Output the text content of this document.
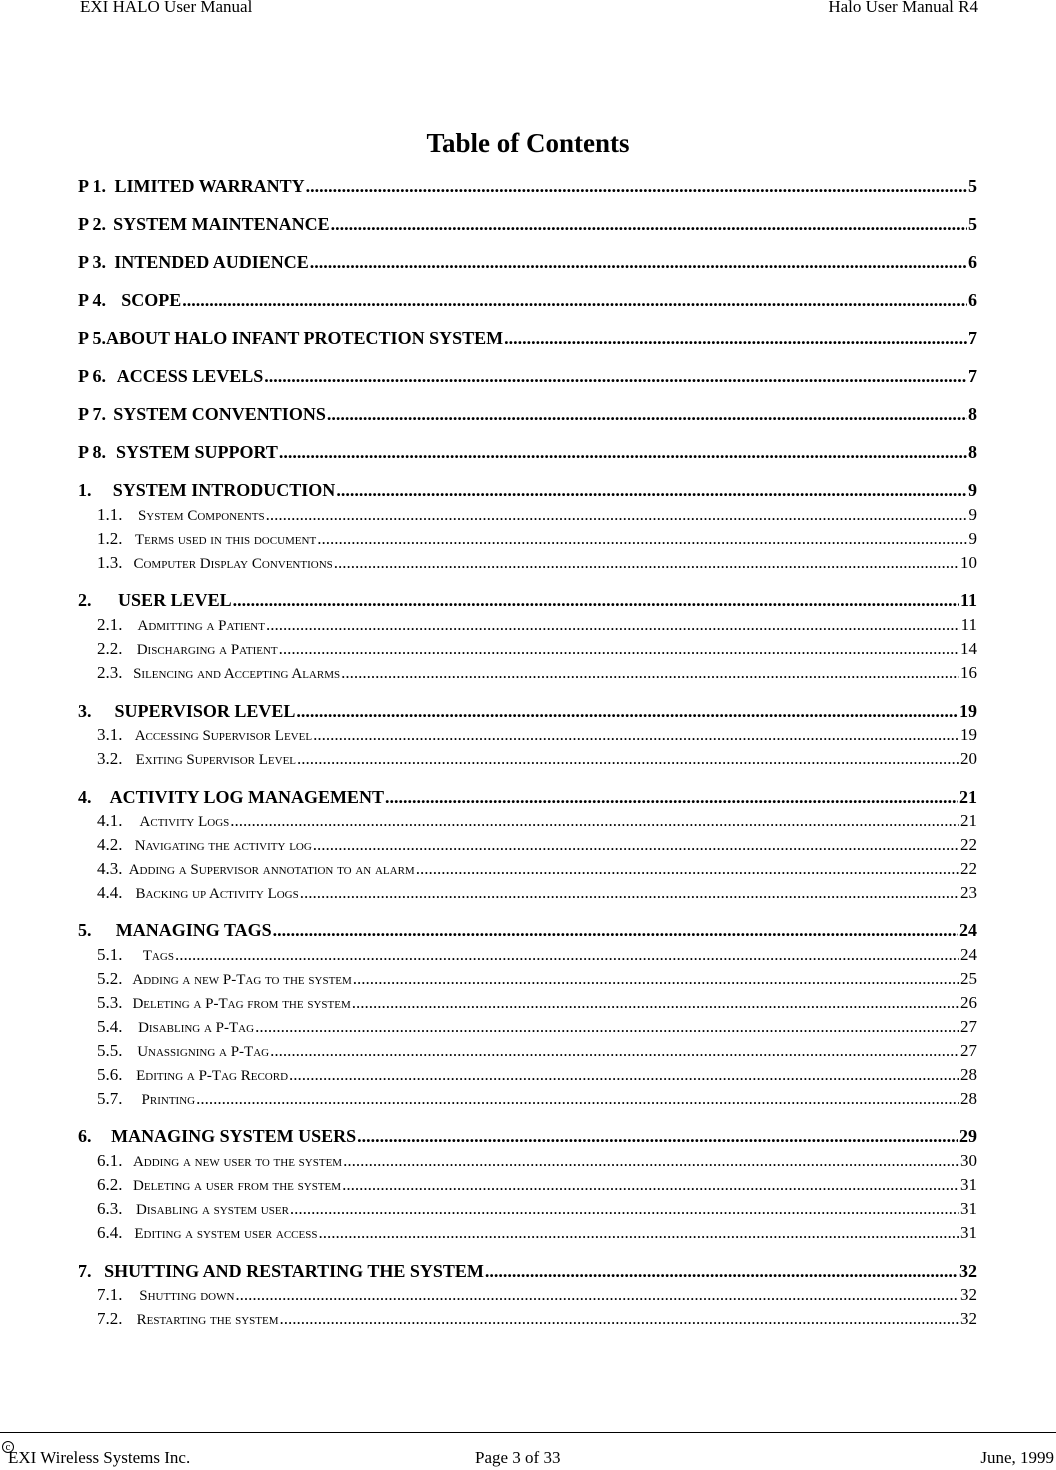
EXI HALO User Manual	Halo User Manual R4
Table of Contents
P 1. LIMITED WARRANTY .....	5
P 2. SYSTEM MAINTENANCE .....	5
P 3. INTENDED AUDIENCE .....	6
P 4. SCOPE .....	6
P 5. ABOUT HALO INFANT PROTECTION SYSTEM .....	7
P 6. ACCESS LEVELS .....	7
P 7. SYSTEM CONVENTIONS .....	8
P 8. SYSTEM SUPPORT .....	8
1.	SYSTEM INTRODUCTION .....	9
1.1.	System Components .....	9
1.2. Terms used in this document .....	9
1.3. Computer Display Conventions .....	10
2.	USER LEVEL .....	11
2.1. Admitting a Patient .....	11
2.2. Discharging a Patient .....	14
2.3. Silencing and Accepting Alarms .....	16
3.	SUPERVISOR LEVEL .....	19
3.1. Accessing Supervisor Level .....	19
3.2. Exiting Supervisor Level .....	20
4.	ACTIVITY LOG MANAGEMENT .....	21
4.1.	Activity Logs .....	21
4.2. Navigating the activity log .....	22
4.3. Adding a Supervisor annotation to an alarm .....	22
4.4. Backing up Activity Logs .....	23
5.	MANAGING TAGS .....	24
5.1.	Tags .....	24
5.2. Adding a new P-Tag to the system .....	25
5.3. Deleting a P-Tag from the system .....	26
5.4.	Disabling a P-Tag .....	27
5.5. Unassigning a P-Tag .....	27
5.6. Editing a P-Tag Record .....	28
5.7.	Printing .....	28
6.	MANAGING SYSTEM USERS .....	29
6.1. Adding a new user to the system .....	30
6.2. Deleting a user from the system .....	31
6.3. Disabling a system user .....	31
6.4. Editing a system user access .....	31
7. SHUTTING AND RESTARTING THE SYSTEM .....	32
7.1.	Shutting down .....	32
7.2. Restarting the system .....	32
c
EXI Wireless Systems Inc.	Page 3 of 33	June, 1999
